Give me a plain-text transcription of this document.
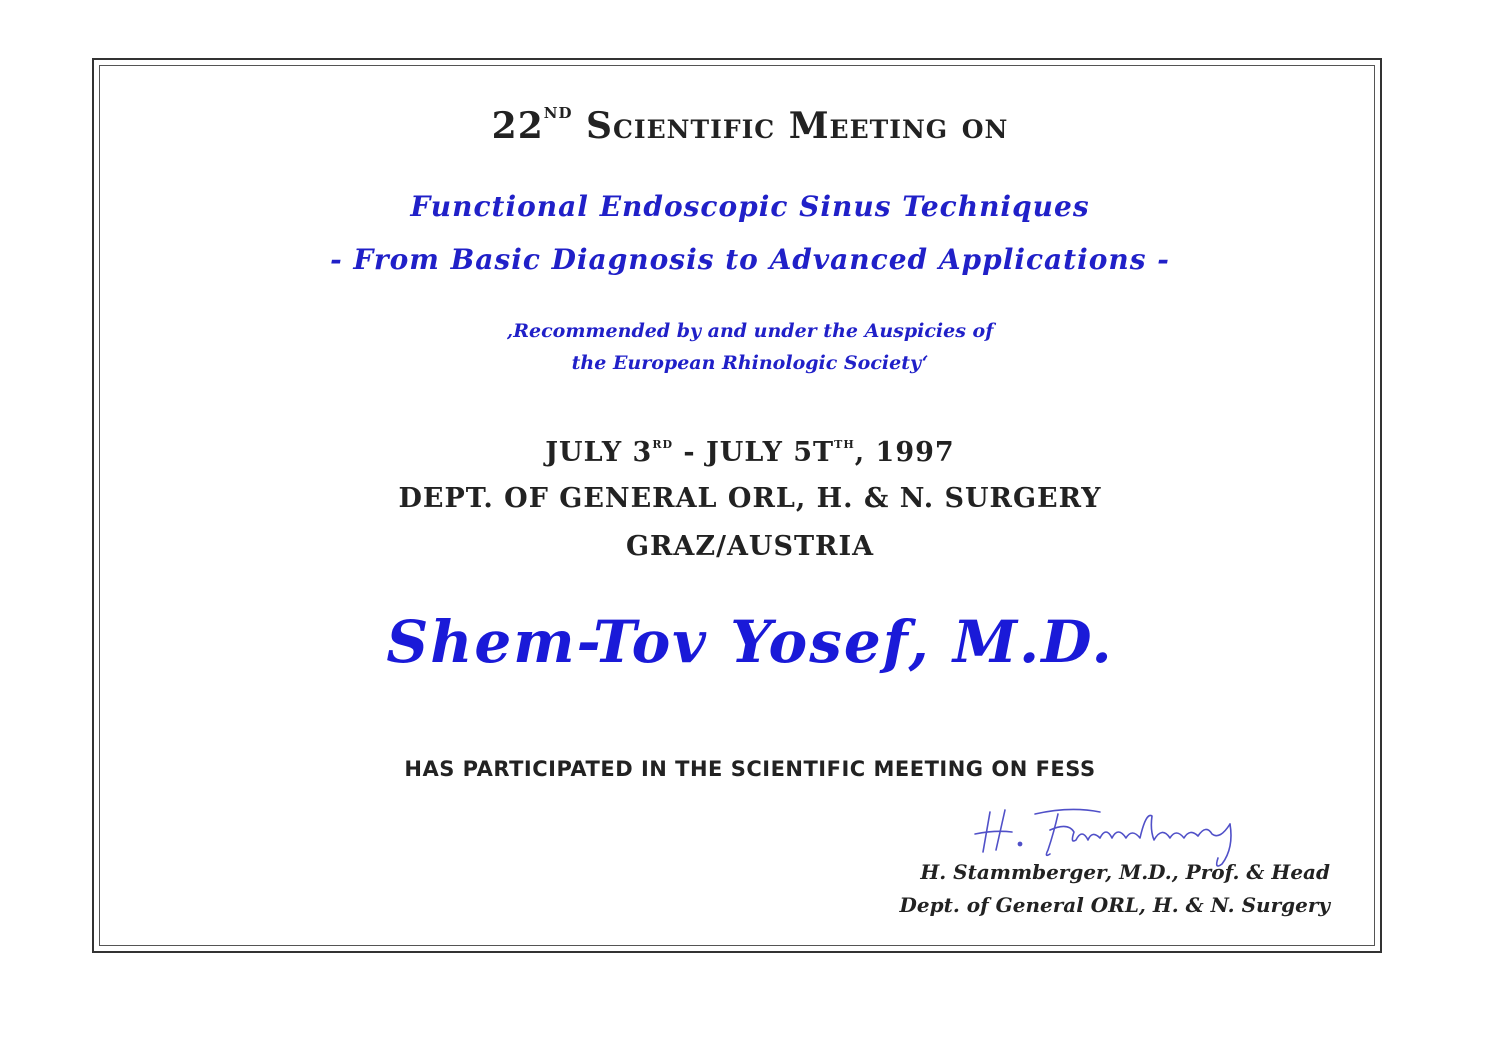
22ND Scientific Meeting on
Functional Endoscopic Sinus Techniques
- From Basic Diagnosis to Advanced Applications -
‚Recommended by and under the Auspicies of
the European Rhinologic Society‘
JULY 3RD - JULY $5T^{TH}$, 1997
DEPT. OF GENERAL ORL, H. & N. SURGERY
GRAZ/AUSTRIA
Shem-Tov Yosef, M.D.
HAS PARTICIPATED IN THE SCIENTIFIC MEETING ON FESS
H. Stammberger, M.D., Prof. & Head
Dept. of General ORL, H. & N. Surgery
